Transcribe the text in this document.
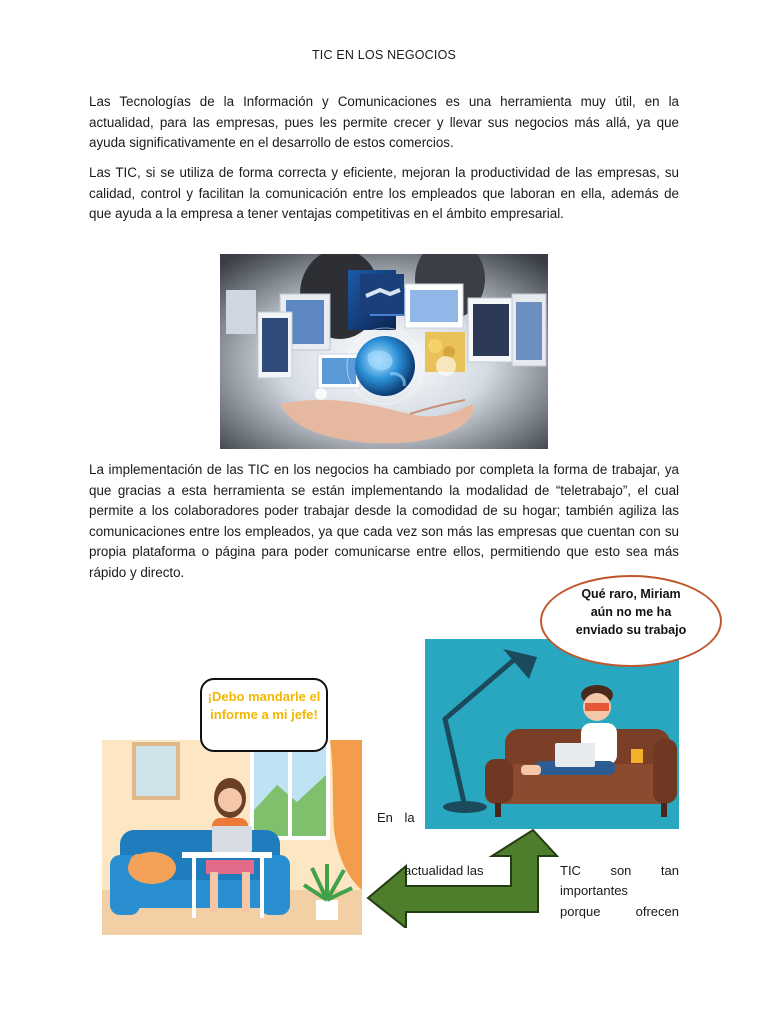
TIC EN LOS NEGOCIOS

Las Tecnologías de la Información y Comunicaciones es una herramienta muy útil, en la actualidad, para las empresas, pues les permite crecer y llevar sus negocios más allá, ya que ayuda significativamente en el desarrollo de estos comercios.

Las TIC, si se utiliza de forma correcta y eficiente, mejoran la productividad de las empresas, su calidad, control y facilitan la comunicación entre los empleados que laboran en ella, además de que ayuda a la empresa a tener ventajas competitivas en el ámbito empresarial.

La implementación de las TIC en los negocios ha cambiado por completa la forma de trabajar, ya que gracias a esta herramienta se están implementando la modalidad de “teletrabajo”, el cual permite a los colaboradores poder trabajar desde la comodidad de su hogar; también agiliza las comunicaciones entre los empleados, ya que cada vez son más las empresas que cuentan con su propia plataforma o página para poder comunicarse entre ellos, permitiendo que esto sea más rápido y directo.

¡Debo mandarle el informe a mi jefe!
Qué raro, Miriam aún no me ha enviado su trabajo
En la
actualidad las	TIC son tan
importantes
porque ofrecen
